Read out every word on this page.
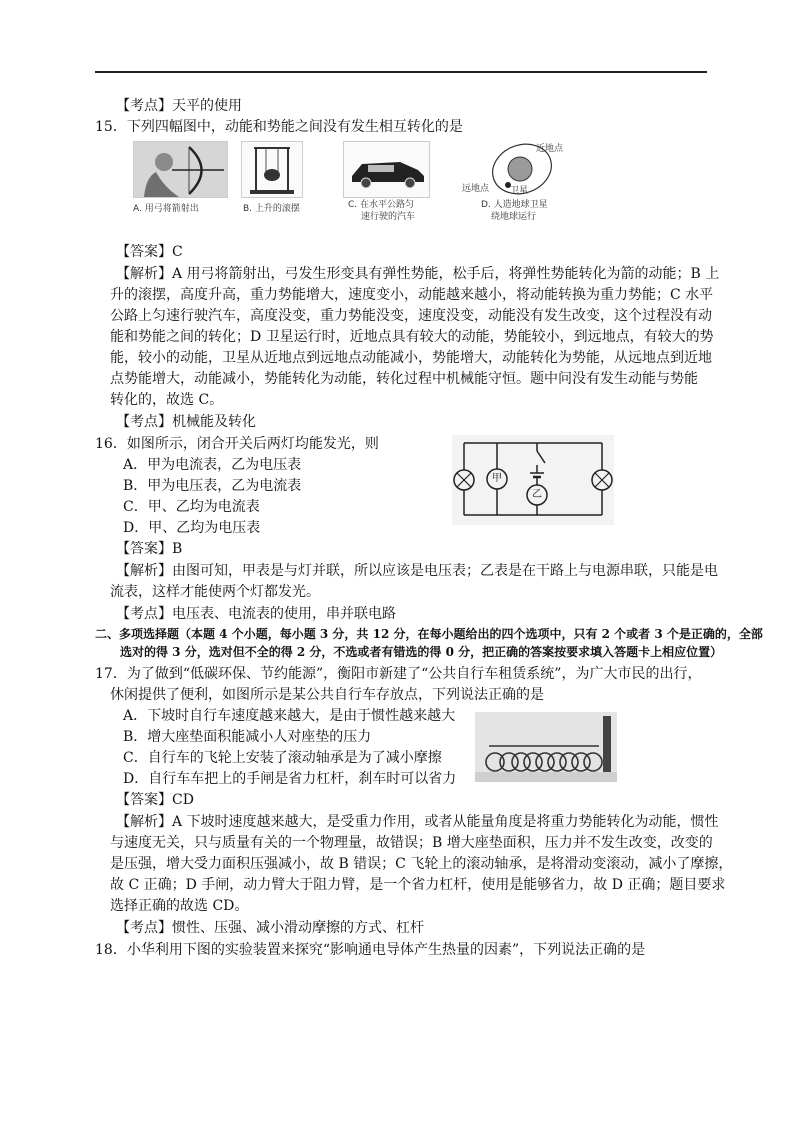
【考点】天平的使用
15．下列四幅图中，动能和势能之间没有发生相互转化的是
A. 用弓将箭射出	B. 上升的滚摆	C. 在水平公路匀
速行驶的汽车
近地点
远地点 卫星
D. 人造地球卫星
绕地球运行
【答案】C
【解析】A 用弓将箭射出，弓发生形变具有弹性势能，松手后，将弹性势能转化为箭的动能；B 上
升的滚摆，高度升高，重力势能增大，速度变小，动能越来越小，将动能转换为重力势能；C 水平
公路上匀速行驶汽车，高度没变，重力势能没变，速度没变，动能没有发生改变，这个过程没有动
能和势能之间的转化；D 卫星运行时，近地点具有较大的动能，势能较小，到远地点，有较大的势
能，较小的动能，卫星从近地点到远地点动能减小，势能增大，动能转化为势能，从远地点到近地
点势能增大，动能减小，势能转化为动能，转化过程中机械能守恒。题中问没有发生动能与势能
转化的，故选 C。
【考点】机械能及转化
16．如图所示，闭合开关后两灯均能发光，则
A．甲为电流表，乙为电压表
B．甲为电压表，乙为电流表
C．甲、乙均为电流表
D．甲、乙均为电压表
甲
乙
【答案】B
【解析】由图可知，甲表是与灯并联，所以应该是电压表；乙表是在干路上与电源串联，只能是电
流表，这样才能使两个灯都发光。
【考点】电压表、电流表的使用，串并联电路
二、多项选择题（本题 4 个小题，每小题 3 分，共 12 分，在每小题给出的四个选项中，只有 2 个或者 3 个是正确的，全部
选对的得 3 分，选对但不全的得 2 分，不选或者有错选的得 0 分，把正确的答案按要求填入答题卡上相应位置）
17．为了做到“低碳环保、节约能源”，衡阳市新建了“公共自行车租赁系统”，为广大市民的出行，
休闲提供了便利，如图所示是某公共自行车存放点，下列说法正确的是
A．下坡时自行车速度越来越大，是由于惯性越来越大
B．增大座垫面积能减小人对座垫的压力
C．自行车的飞轮上安装了滚动轴承是为了减小摩擦
D．自行车车把上的手闸是省力杠杆，刹车时可以省力
【答案】CD
【解析】A 下坡时速度越来越大，是受重力作用，或者从能量角度是将重力势能转化为动能，惯性
与速度无关，只与质量有关的一个物理量，故错误；B 增大座垫面积，压力并不发生改变，改变的
是压强，增大受力面积压强减小，故 B 错误；C 飞轮上的滚动轴承，是将滑动变滚动，减小了摩擦，
故 C 正确；D 手闸，动力臂大于阻力臂，是一个省力杠杆，使用是能够省力，故 D 正确；题目要求
选择正确的故选 CD。
【考点】惯性、压强、减小滑动摩擦的方式、杠杆
18．小华利用下图的实验装置来探究“影响通电导体产生热量的因素”，下列说法正确的是
